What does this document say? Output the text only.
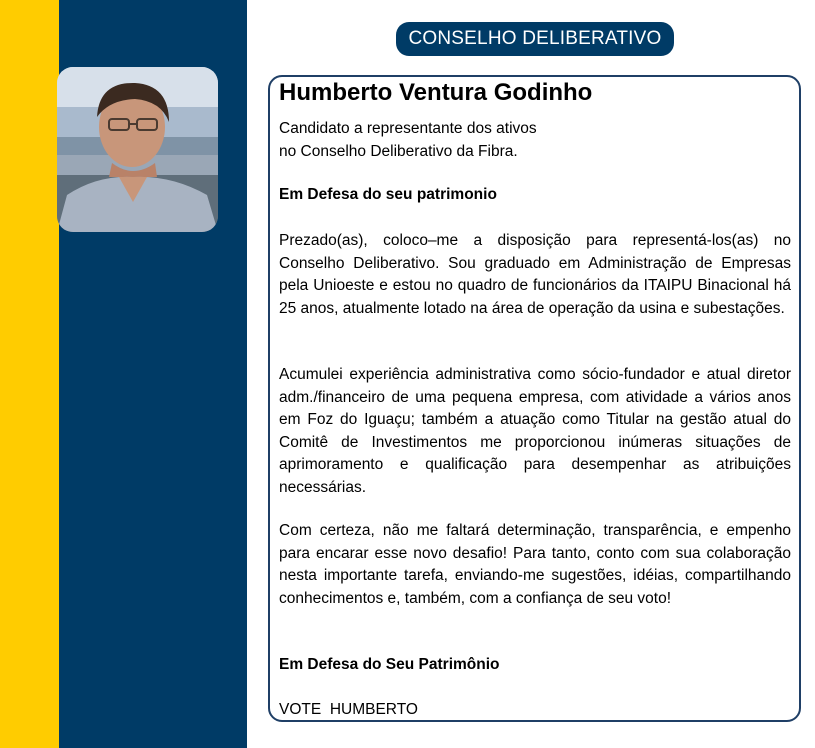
CONSELHO DELIBERATIVO
Humberto Ventura Godinho
Candidato a representante dos ativos
no Conselho Deliberativo da Fibra.
Em Defesa do seu patrimonio
Prezado(as), coloco–me a disposição para representá-los(as) no Conselho Deliberativo. Sou graduado em Administração de Empresas pela Unioeste e estou no quadro de funcionários da ITAIPU Binacional há 25 anos, atualmente lotado na área de operação da usina e subestações.
Acumulei experiência administrativa como sócio-fundador e atual diretor adm./financeiro de uma pequena empresa, com atividade a vários anos em Foz do Iguaçu; também a atuação como Titular na gestão atual do Comitê de Investimentos me proporcionou inúmeras situações de aprimoramento e qualificação para desempenhar as atribuições necessárias.
Com certeza, não me faltará determinação, transparência, e empenho para encarar esse novo desafio! Para tanto, conto com sua colaboração nesta importante tarefa, enviando-me sugestões, idéias, compartilhando conhecimentos e, também, com a confiança de seu voto!
Em Defesa do Seu Patrimônio
VOTE  HUMBERTO
